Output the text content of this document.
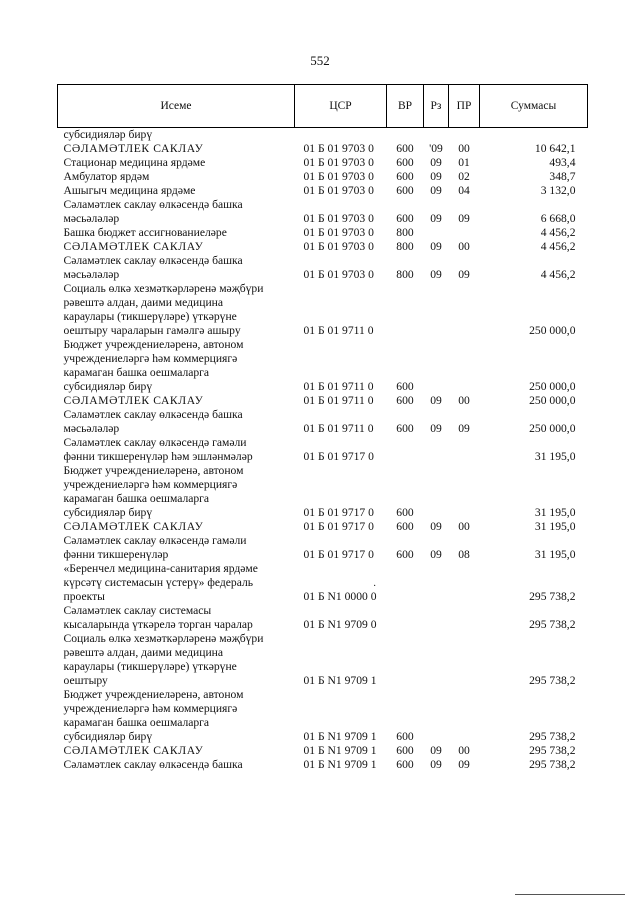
552
Исеме	ЦСР	ВР	Рз	ПР	Суммасы

субсидияләр бирү					

СӘЛАМӘТЛЕК САКЛАУ	01 Б 01 9703 0	600	'09	00	10 642,1

Стационар медицина ярдәме	01 Б 01 9703 0	600	09	01	493,4

Амбулатор ярдәм	01 Б 01 9703 0	600	09	02	348,7

Ашыгыч медицина ярдәме	01 Б 01 9703 0	600	09	04	3 132,0

Сәламәтлек саклау өлкәсендә башка
мәсьәләләр	01 Б 01 9703 0	600	09	09	6 668,0

Башка бюджет ассигнованиеләре	01 Б 01 9703 0	800			4 456,2

СӘЛАМӘТЛЕК САКЛАУ	01 Б 01 9703 0	800	09	00	4 456,2

Сәламәтлек саклау өлкәсендә башка
мәсьәләләр	01 Б 01 9703 0	800	09	09	4 456,2

Социаль өлкә хезмәткәрләренә мәҗбүри
рәвештә алдан, даими медицина
караулары (тикшерүләре) үткәрүне
оештыру чараларын гамәлгә ашыру	01 Б 01 9711 0				250 000,0

Бюджет учреждениеләренә, автоном
учреждениеләргә һәм коммерциягә
карамаган башка оешмаларга
субсидияләр бирү	01 Б 01 9711 0	600			250 000,0

СӘЛАМӘТЛЕК САКЛАУ	01 Б 01 9711 0	600	09	00	250 000,0

Сәламәтлек саклау өлкәсендә башка
мәсьәләләр	01 Б 01 9711 0	600	09	09	250 000,0

Сәламәтлек саклау өлкәсендә гамәли
фәнни тикшеренүләр һәм эшләнмәләр	01 Б 01 9717 0				31 195,0

Бюджет учреждениеләренә, автоном
учреждениеләргә һәм коммерциягә
карамаган башка оешмаларга
субсидияләр бирү	01 Б 01 9717 0	600			31 195,0

СӘЛАМӘТЛЕК САКЛАУ	01 Б 01 9717 0	600	09	00	31 195,0

Сәламәтлек саклау өлкәсендә гамәли
фәнни тикшеренүләр	01 Б 01 9717 0	600	09	08	31 195,0

«Беренчел медицина-санитария ярдәме
күрсәтү системасын үстерү» федераль
проекты	01 Б N1 0000 0				295 738,2

Сәламәтлек саклау системасы
кысаларында үткәрелә торган чаралар	01 Б N1 9709 0				295 738,2

Социаль өлкә хезмәткәрләренә мәҗбүри
рәвештә алдан, даими медицина
караулары (тикшерүләре) үткәрүне
оештыру	01 Б N1 9709 1				295 738,2

Бюджет учреждениеләренә, автоном
учреждениеләргә һәм коммерциягә
карамаган башка оешмаларга
субсидияләр бирү	01 Б N1 9709 1	600			295 738,2

СӘЛАМӘТЛЕК САКЛАУ	01 Б N1 9709 1	600	09	00	295 738,2

Сәламәтлек саклау өлкәсендә башка	01 Б N1 9709 1	600	09	09	295 738,2
·
